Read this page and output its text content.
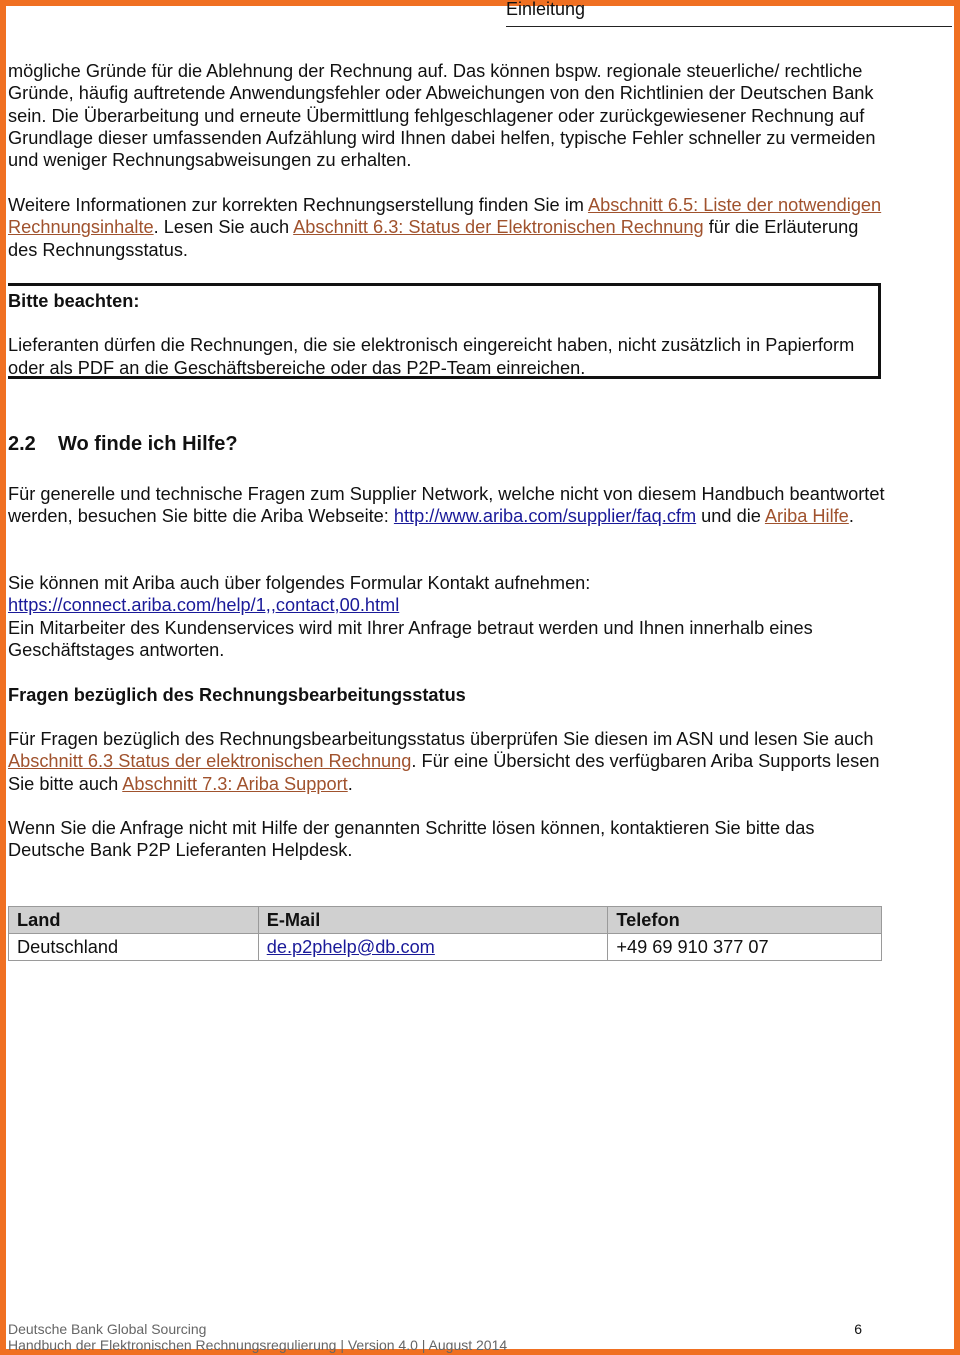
Einleitung

mögliche Gründe für die Ablehnung der Rechnung auf. Das können bspw. regionale steuerliche/ rechtliche Gründe, häufig auftretende Anwendungsfehler oder Abweichungen von den Richtlinien der Deutschen Bank sein. Die Überarbeitung und erneute Übermittlung fehlgeschlagener oder zurückgewiesener Rechnung auf Grundlage dieser umfassenden Aufzählung wird Ihnen dabei helfen, typische Fehler schneller zu vermeiden und weniger Rechnungsabweisungen zu erhalten.

Weitere Informationen zur korrekten Rechnungserstellung finden Sie im Abschnitt 6.5: Liste der notwendigen Rechnungsinhalte. Lesen Sie auch Abschnitt 6.3: Status der Elektronischen Rechnung für die Erläuterung des Rechnungsstatus.

Bitte beachten:

Lieferanten dürfen die Rechnungen, die sie elektronisch eingereicht haben, nicht zusätzlich in Papierform oder als PDF an die Geschäftsbereiche oder das P2P-Team einreichen.

2.2 Wo finde ich Hilfe?

Für generelle und technische Fragen zum Supplier Network, welche nicht von diesem Handbuch beantwortet werden, besuchen Sie bitte die Ariba Webseite: http://www.ariba.com/supplier/faq.cfm und die Ariba Hilfe.

Sie können mit Ariba auch über folgendes Formular Kontakt aufnehmen:

https://connect.ariba.com/help/1,,contact,00.html

Ein Mitarbeiter des Kundenservices wird mit Ihrer Anfrage betraut werden und Ihnen innerhalb eines Geschäftstages antworten.

Fragen bezüglich des Rechnungsbearbeitungsstatus

Für Fragen bezüglich des Rechnungsbearbeitungsstatus überprüfen Sie diesen im ASN und lesen Sie auch Abschnitt 6.3 Status der elektronischen Rechnung. Für eine Übersicht des verfügbaren Ariba Supports lesen Sie bitte auch Abschnitt 7.3: Ariba Support.

Wenn Sie die Anfrage nicht mit Hilfe der genannten Schritte lösen können, kontaktieren Sie bitte das Deutsche Bank P2P Lieferanten Helpdesk.

Land	E-Mail	Telefon
Deutschland	de.p2phelp@db.com	+49 69 910 377 07
Deutsche Bank Global Sourcing
Handbuch der Elektronischen Rechnungsregulierung | Version 4.0 | August 2014
6
